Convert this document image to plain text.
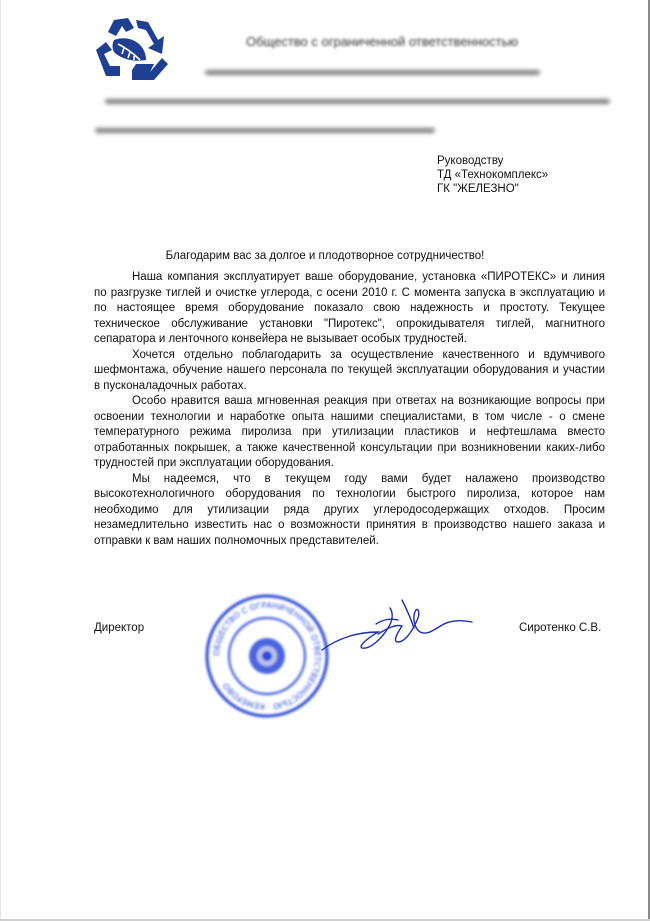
Общество с ограниченной ответственностью
Руководству
ТД «Технокомплекс»
ГК "ЖЕЛЕЗНО"
Благодарим вас за долгое и плодотворное сотрудничество!

Наша компания эксплуатирует ваше оборудование, установка «ПИРОТЕКС» и линия по разгрузке тиглей и очистке углерода, с осени 2010 г. С момента запуска в эксплуатацию и по настоящее время оборудование показало свою надежность и простоту. Текущее техническое обслуживание установки "Пиротекс", опрокидывателя тиглей, магнитного сепаратора и ленточного конвейера не вызывает особых трудностей.

Хочется отдельно поблагодарить за осуществление качественного и вдумчивого шефмонтажа, обучение нашего персонала по текущей эксплуатации оборудования и участии в пусконаладочных работах.

Особо нравится ваша мгновенная реакция при ответах на возникающие вопросы при освоении технологии и наработке опыта нашими специалистами, в том числе - о смене температурного режима пиролиза при утилизации пластиков и нефтешлама вместо отработанных покрышек, а также качественной консультации при возникновении каких-либо трудностей при эксплуатации оборудования.

Мы надеемся, что в текущем году вами будет налажено производство высокотехнологичного оборудования по технологии быстрого пиролиза, которое нам необходимо для утилизации ряда других углеродосодержащих отходов. Просим незамедлительно известить нас о возможности принятия в производство нашего заказа и отправки к вам наших полномочных представителей.

ОБЩЕСТВО С ОГРАНИЧЕННОЙ ОТВЕТСТВЕННОСТЬЮ · КЕМЕРОВО
Директор	Сиротенко С.В.
